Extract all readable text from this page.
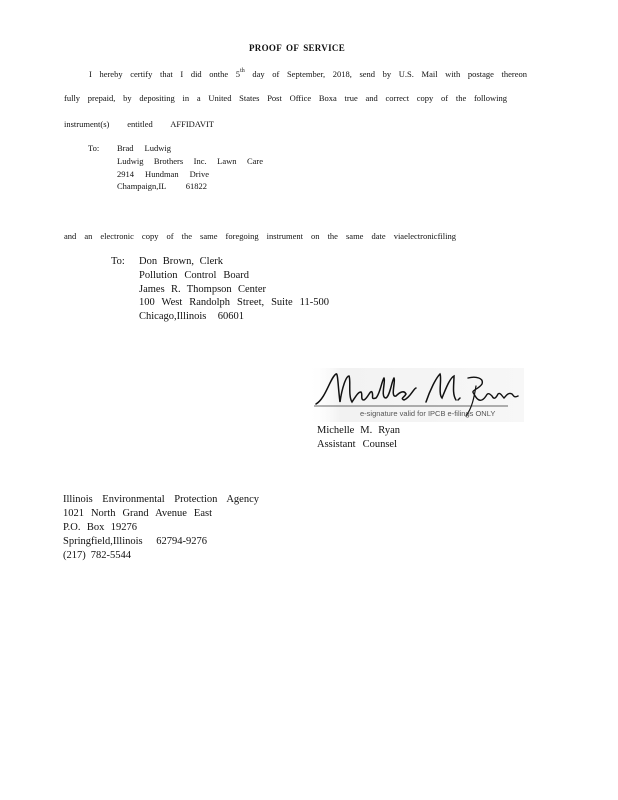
PROOF OF SERVICE
I hereby certify that I did onthe 5th day of September, 2018, send by U.S. Mail with postage thereon
fully prepaid, by depositing in a United States Post Office Boxa true and correct copy of the following
instrument(s) entitled AFFIDAVIT
To: Brad Ludwig
Ludwig Brothers Inc. Lawn Care
2914 Hundman Drive
Champaign,IL 61822
and an electronic copy of the same foregoing instrument on the same date viaelectronicfiling
To: Don Brown, Clerk
Pollution Control Board
James R. Thompson Center
100 West Randolph Street, Suite 11-500
Chicago,Illinois 60601
e-signature valid for IPCB e-filings ONLY
Michelle M. Ryan
Assistant Counsel
Illinois Environmental Protection Agency
1021 North Grand Avenue East
P.O. Box 19276
Springfield,Illinois 62794-9276
(217) 782-5544
